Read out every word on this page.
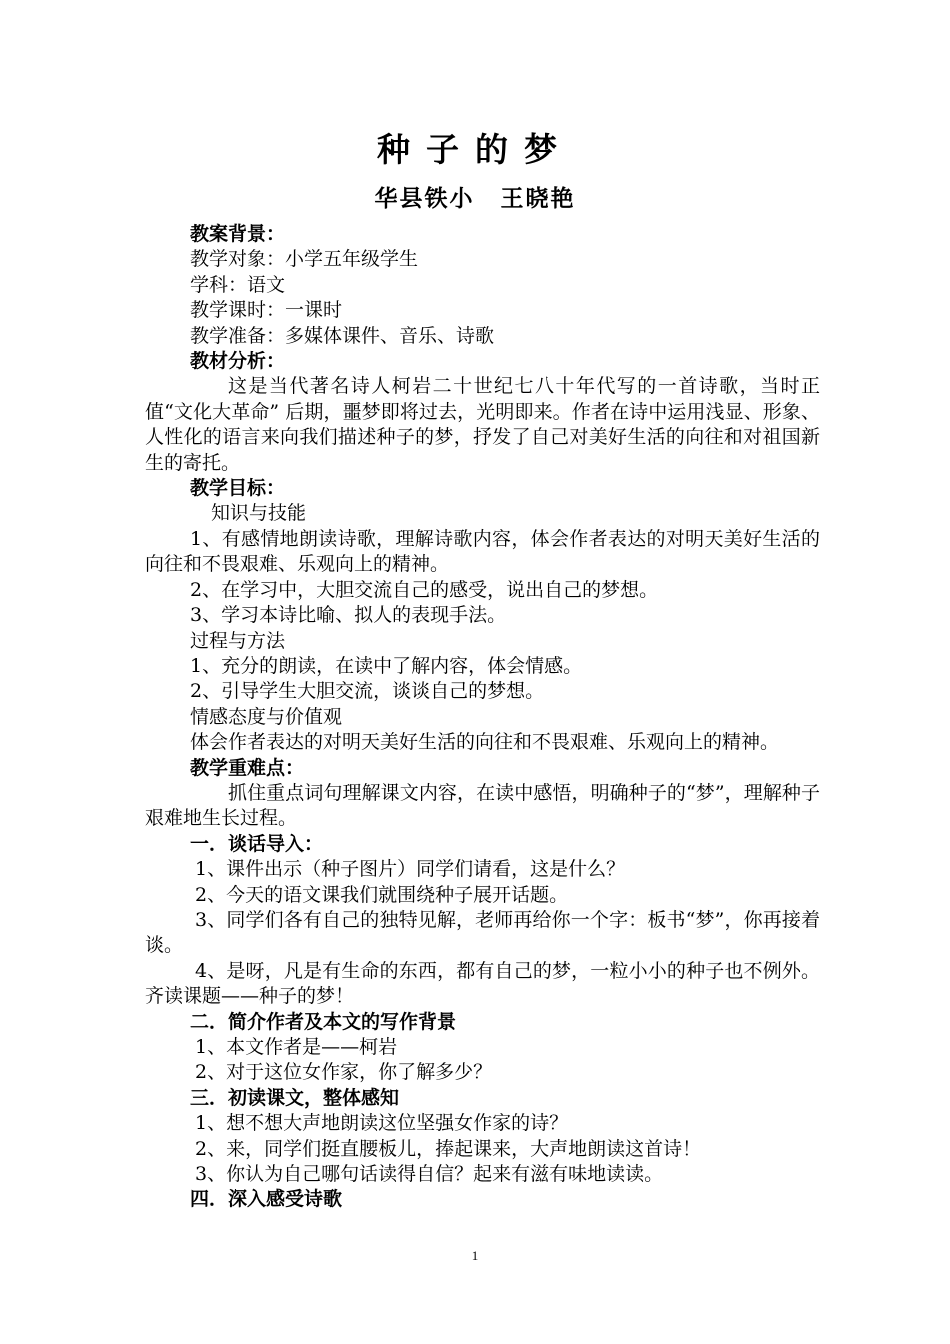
种子的梦
华县铁小 王晓艳

教案背景：

教学对象：小学五年级学生

学科：语文

教学课时：一课时

教学准备：多媒体课件、音乐、诗歌

教材分析：

这是当代著名诗人柯岩二十世纪七八十年代写的一首诗歌，当时正值“文化大革命” 后期，噩梦即将过去，光明即来。作者在诗中运用浅显、形象、人性化的语言来向我们描述种子的梦，抒发了自己对美好生活的向往和对祖国新生的寄托。

教学目标：

知识与技能

1、有感情地朗读诗歌，理解诗歌内容，体会作者表达的对明天美好生活的向往和不畏艰难、乐观向上的精神。

2、在学习中，大胆交流自己的感受，说出自己的梦想。

3、学习本诗比喻、拟人的表现手法。

过程与方法

1、充分的朗读，在读中了解内容，体会情感。

2、引导学生大胆交流，谈谈自己的梦想。

情感态度与价值观

体会作者表达的对明天美好生活的向往和不畏艰难、乐观向上的精神。

教学重难点：

抓住重点词句理解课文内容，在读中感悟，明确种子的“梦”，理解种子艰难地生长过程。

一．谈话导入：

1、课件出示（种子图片）同学们请看，这是什么？

2、今天的语文课我们就围绕种子展开话题。

3、同学们各有自己的独特见解，老师再给你一个字：板书“梦”，你再接着谈。

4、是呀，凡是有生命的东西，都有自己的梦，一粒小小的种子也不例外。齐读课题——种子的梦！

二．简介作者及本文的写作背景

1、本文作者是——柯岩

2、对于这位女作家，你了解多少？

三．初读课文，整体感知

1、想不想大声地朗读这位坚强女作家的诗？

2、来，同学们挺直腰板儿，捧起课来，大声地朗读这首诗！

3、你认为自己哪句话读得自信？起来有滋有味地读读。

四．深入感受诗歌

1
